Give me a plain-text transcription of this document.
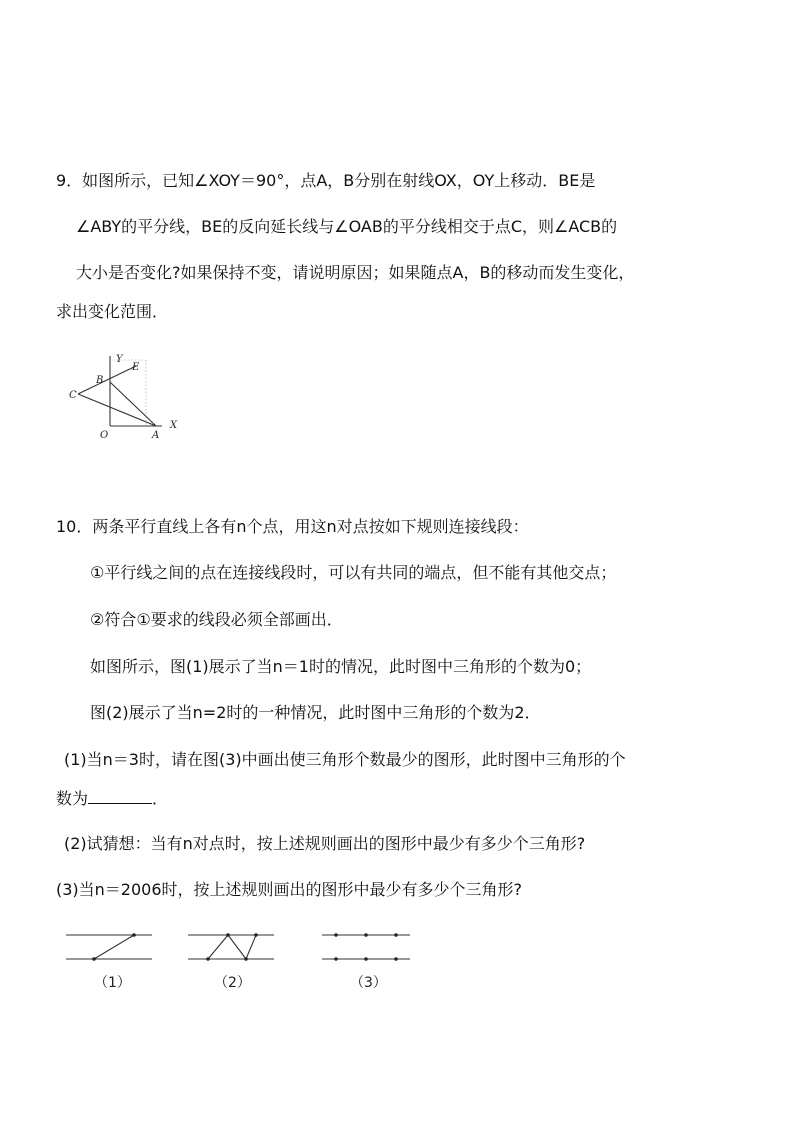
9．如图所示，已知∠XOY＝90°，点A，B分别在射线OX，OY上移动．BE是
∠ABY的平分线，BE的反向延长线与∠OAB的平分线相交于点C，则∠ACB的
大小是否变化?如果保持不变，请说明原因；如果随点A，B的移动而发生变化，
求出变化范围．
Y
E
B
C
O	A
X
10．两条平行直线上各有n个点，用这n对点按如下规则连接线段：
①平行线之间的点在连接线段时，可以有共同的端点，但不能有其他交点；
②符合①要求的线段必须全部画出．
如图所示，图(1)展示了当n＝1时的情况，此时图中三角形的个数为0；
图(2)展示了当n=2时的一种情况，此时图中三角形的个数为2．
(1)当n＝3时，请在图(3)中画出使三角形个数最少的图形，此时图中三角形的个
数为	．
(2)试猜想：当有n对点时，按上述规则画出的图形中最少有多少个三角形?
(3)当n＝2006时，按上述规则画出的图形中最少有多少个三角形?
（1）	（2）	（3）
